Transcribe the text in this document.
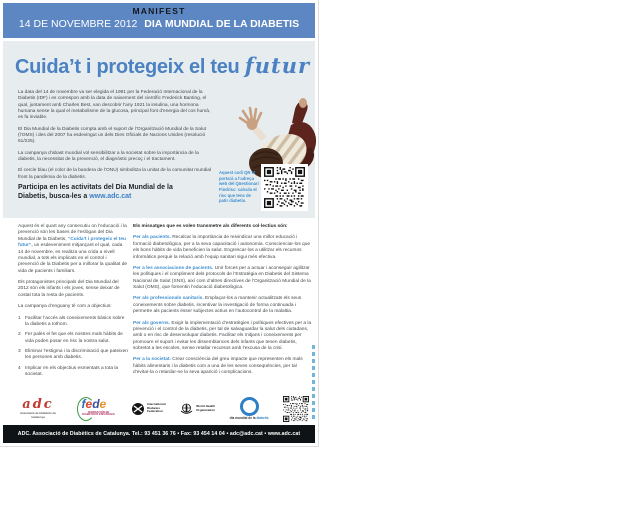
MANIFEST
14 DE NOVEMBRE 2012 DIA MUNDIAL DE LA DIABETIS
Cuida’t i protegeix el teu futur

La data del 14 de novembre va ser elegida el 1991 per la Federació Internacional de la Diabetis (IDF) i es correspon amb la data de naixement del científic Frederick Banting, el qual, juntament amb Charles Best, van descobrir l’any 1921 la insulina, una hormona humana sense la qual el metabolisme de la glucosa, principal font d’energia del cos humà, es fa inviable.

El Dia Mundial de la Diabetis compta amb el suport de l’Organització Mundial de la Salut (l’OMS) i des del 2007 ha esdevingut un dels Dies Oficials de Nacions Unides (resolució 61/225).

La campanya d’abast mundial vol sensibilitzar a la societat sobre la importància de la diabetis, la necessitat de la prevenció, el diagnòstic precoç i el tractament.

El cercle blau (el color de la bandera de l’ONU) simbolitza la unitat de la comunitat mundial front la pandèmia de la diabetis.

Participa en les activitats del Dia Mundial de la Diabetis, busca-les a www.adc.cat
Aquest codi QR et portarà a l’adreça web del Qüestionari Findrisc: calcula el risc que tens de patir diabetis.

Aquest és el quart any consecutiu on l’educació i la prevenció són les bases de l’eslògan del Dia Mundial de la Diabetis, “Cuida’t i protegeix el teu futur”, un esdeveniment mitjançant el qual, cada 14 de novembre, es realitza una crida a nivell mundial, a tots els implicats en el control i prevenció de la Diabetis per a millorar la qualitat de vida de pacients i familiars.

Els protagonistes principals del Dia Mundial del 2012 són els infants i els joves, sense deixar de costat tota la resta de pacients.

La campanya d’enguany té com a objectius:

1 Facilitar l’accés als coneixements bàsics sobre la diabetis a tothom.
2 Fer palès el fet que els nostres mals hàbits de vida poden posar en risc la nostra salut.
3 Eliminar l’estigma i la discriminació que pateixen les persones amb diabetis.
4 Implicar en els objectius esmentats a tota la societat.

Els missatges que es volen transmetre als diferents col·lectius són:

Per als pacients. Recalcar la importància de reivindicar una millor educació i formació diabetològica, per a la seva capacitació i autonomia. Conscienciar-los que els bons hàbits de vida beneficien la salut. Engrescar-los a utilitzar els recursos informàtics perquè la relació amb l’equip sanitari sigui més efectiva.

Per a les associacions de pacients. Unir forces per a actuar i aconseguir agilitzar les polítiques i el compliment dels protocols de l’Estratègia en Diabetis del Sistema Nacional de Salut (SNS), així com d’altres directives de l’Organització Mundial de la Salut (OMS), que fomentin l’educació diabetològica.

Per als professionals sanitaris. Emplaçar-los a mantenir actualitzats els seus coneixements sobre diabetis, incentivar la investigació de forma continuada i permetre als pacients ésser subjectes actius en l’autocontrol de la malaltia.

Per als governs. Exigir la implementació d’estratègies i polítiques efectives per a la prevenció i el control de la diabetis, per tal de salvaguardar la salut dels ciutadans, amb o en risc de desenvolupar diabetis. Facilitar els mitjans i coneixements per promoure el suport i evitar les dissemblances dels infants que tenen diabetis, sobretot a les escoles, sense retallar recursos amb l’excusa de la crisi.

Per a la societat. Crear consciència del greu impacte que representen els mals hàbits alimentaris i la diabetis com a una de les seves conseqüències, per tal d’evitar-la o retardar-ne la seva aparició i complicacions.

adc
Associació de Diabètics de Catalunya
fede
FEDERACIÓN DE DIABÉTICOS ESPAÑOLES
International
Diabetes
Federation
World Health
Organization
dia mundial de la diabetis
ADC. Associació de Diabètics de Catalunya. Tel.: 93 451 36 76 • Fax: 93 454 14 04 • adc@adc.cat • www.adc.cat
